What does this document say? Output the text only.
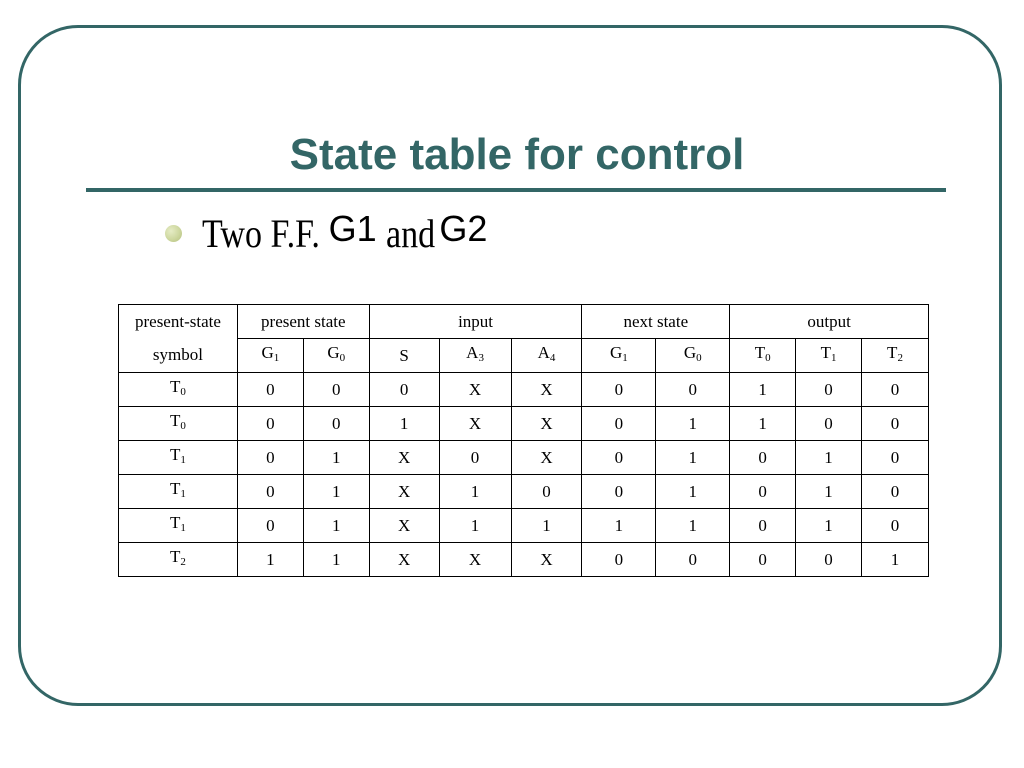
State table for control
Two F.F. G1 and G2
present-state	present state		input			next state		output		
symbol	$G_1$	$G_0$	S	$A_3$	$A_4$	$G_1$	$G_0$	$T_0$	$T_1$	$T_2$
$T_0$	0	0	0	X	X	0	0	1	0	0
$T_0$	0	0	1	X	X	0	1	1	0	0
$T_1$	0	1	X	0	X	0	1	0	1	0
$T_1$	0	1	X	1	0	0	1	0	1	0
$T_1$	0	1	X	1	1	1	1	0	1	0
$T_2$	1	1	X	X	X	0	0	0	0	1
